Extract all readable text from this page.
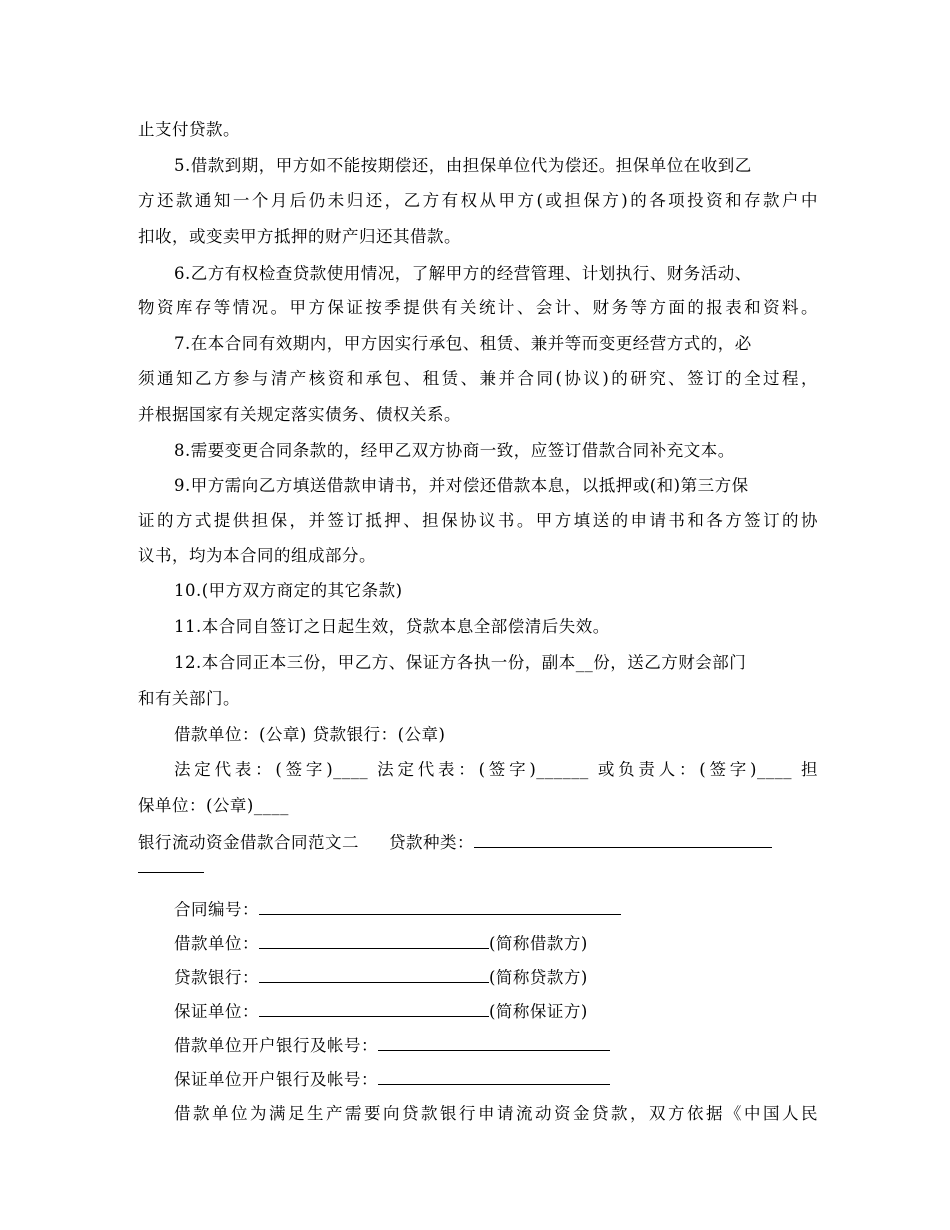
止支付贷款。
5.借款到期，甲方如不能按期偿还，由担保单位代为偿还。担保单位在收到乙
方还款通知一个月后仍未归还，乙方有权从甲方(或担保方)的各项投资和存款户中
扣收，或变卖甲方抵押的财产归还其借款。
6.乙方有权检查贷款使用情况，了解甲方的经营管理、计划执行、财务活动、
物资库存等情况。甲方保证按季提供有关统计、会计、财务等方面的报表和资料。
7.在本合同有效期内，甲方因实行承包、租赁、兼并等而变更经营方式的，必
须通知乙方参与清产核资和承包、租赁、兼并合同(协议)的研究、签订的全过程，
并根据国家有关规定落实债务、债权关系。
8.需要变更合同条款的，经甲乙双方协商一致，应签订借款合同补充文本。
9.甲方需向乙方填送借款申请书，并对偿还借款本息，以抵押或(和)第三方保
证的方式提供担保，并签订抵押、担保协议书。甲方填送的申请书和各方签订的协
议书，均为本合同的组成部分。
10.(甲方双方商定的其它条款)
11.本合同自签订之日起生效，贷款本息全部偿清后失效。
12.本合同正本三份，甲乙方、保证方各执一份，副本__份，送乙方财会部门
和有关部门。
借款单位：(公章) 贷款银行：(公章)
法定代表：(签字)____ 法定代表：(签字)______ 或负责人：(签字)____ 担
保单位：(公章)____
银行流动资金借款合同范文二 贷款种类：
合同编号：
借款单位：	(简称借款方)
贷款银行：	(简称贷款方)
保证单位：	(简称保证方)
借款单位开户银行及帐号：
保证单位开户银行及帐号：
借款单位为满足生产需要向贷款银行申请流动资金贷款，双方依据《中国人民
